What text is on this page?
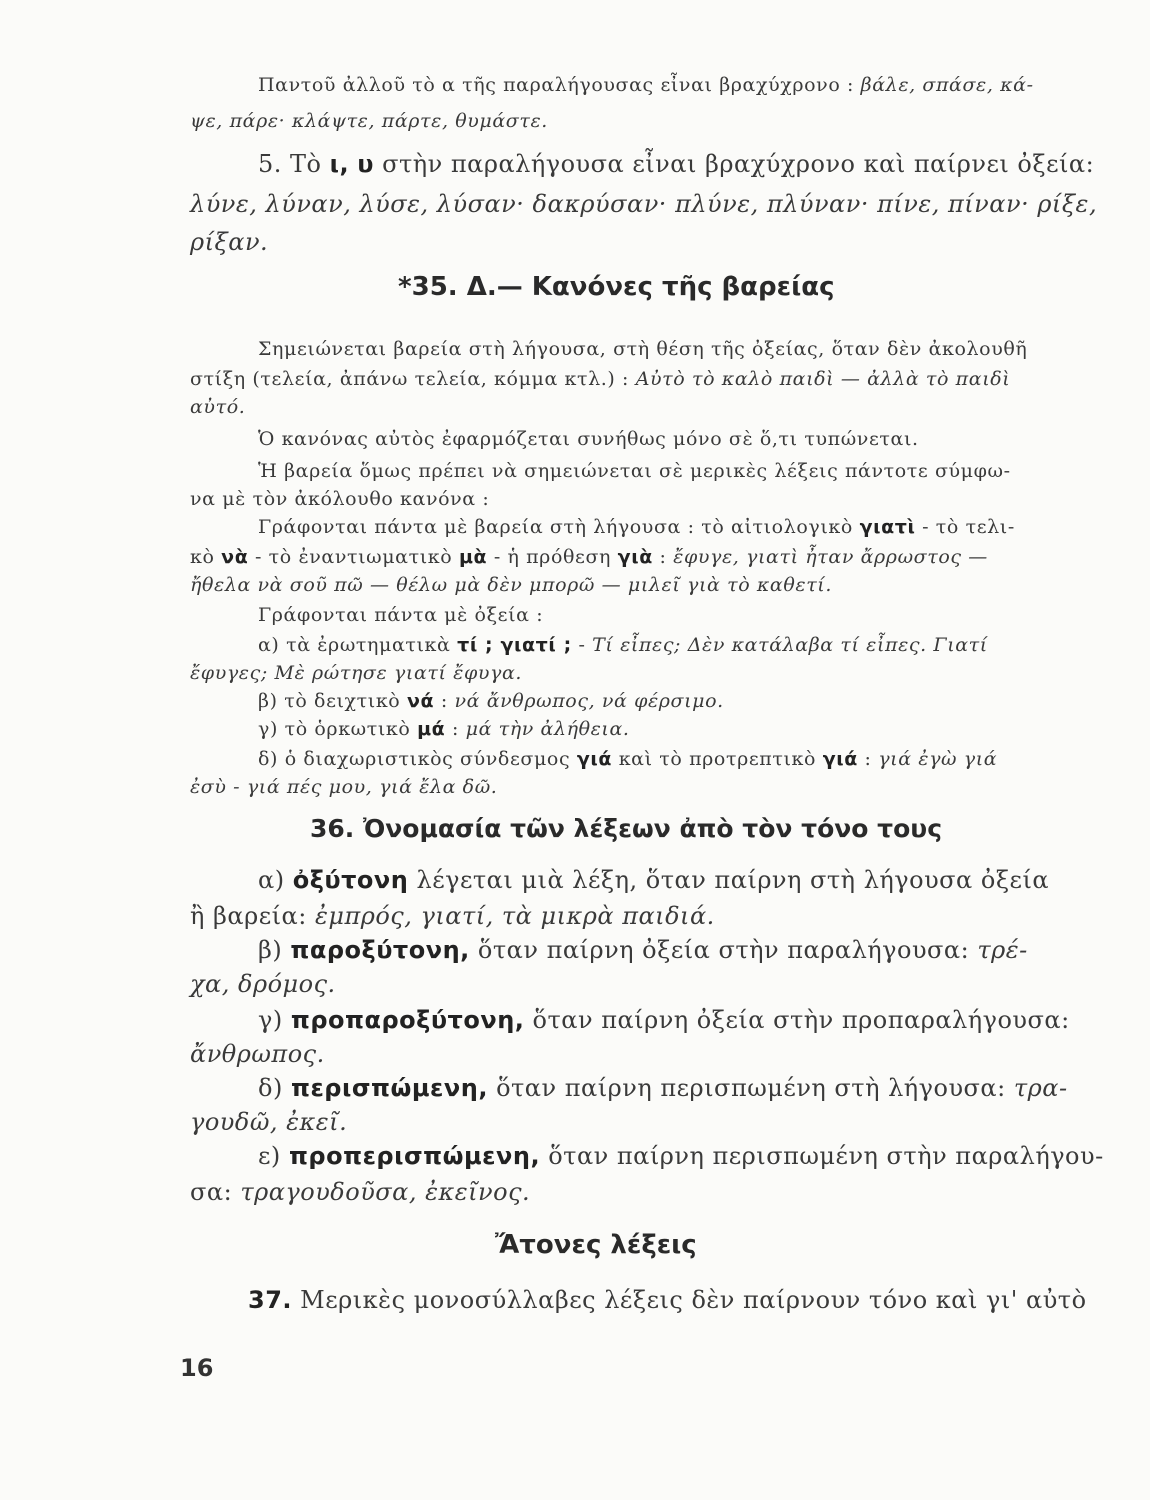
Παντοῦ ἀλλοῦ τὸ α τῆς παραλήγουσας εἶναι βραχύχρονο : βάλε, σπάσε, κά-

ψε, πάρε· κλάψτε, πάρτε, θυμάστε.

5. Τὸ ι, υ στὴν παραλήγουσα εἶναι βραχύχρονο καὶ παίρνει ὀξεία:

λύνε, λύναν, λύσε, λύσαν· δακρύσαν· πλύνε, πλύναν· πίνε, πίναν· ρίξε,

ρίξαν.

*35. Δ.— Κανόνες τῆς βαρείας

Σημειώνεται βαρεία στὴ λήγουσα, στὴ θέση τῆς ὀξείας, ὅταν δὲν ἀκολουθῆ

στίξη (τελεία, ἀπάνω τελεία, κόμμα κτλ.) : Αὐτὸ τὸ καλὸ παιδὶ — ἀλλὰ τὸ παιδὶ

αὐτό.

Ὁ κανόνας αὐτὸς ἐφαρμόζεται συνήθως μόνο σὲ ὅ,τι τυπώνεται.

Ἡ βαρεία ὅμως πρέπει νὰ σημειώνεται σὲ μερικὲς λέξεις πάντοτε σύμφω-

να μὲ τὸν ἀκόλουθο κανόνα :

Γράφονται πάντα μὲ βαρεία στὴ λήγουσα : τὸ αἰτιολογικὸ γιατὶ - τὸ τελι-

κὸ νὰ - τὸ ἐναντιωματικὸ μὰ - ἡ πρόθεση γιὰ : ἔφυγε, γιατὶ ἦταν ἄρρωστος —

ἤθελα νὰ σοῦ πῶ — θέλω μὰ δὲν μπορῶ — μιλεῖ γιὰ τὸ καθετί.

Γράφονται πάντα μὲ ὀξεία :

α) τὰ ἐρωτηματικὰ τί ; γιατί ; - Τί εἶπες; Δὲν κατάλαβα τί εἶπες. Γιατί

ἔφυγες; Μὲ ρώτησε γιατί ἔφυγα.

β) τὸ δειχτικὸ νά : νά ἄνθρωπος, νά φέρσιμο.

γ) τὸ ὁρκωτικὸ μά : μά τὴν ἀλήθεια.

δ) ὁ διαχωριστικὸς σύνδεσμος γιά καὶ τὸ προτρεπτικὸ γιά : γιά ἐγὼ γιά

ἐσὺ - γιά πές μου, γιά ἔλα δῶ.

36. Ὀνομασία τῶν λέξεων ἀπὸ τὸν τόνο τους

α) ὀξύτονη λέγεται μιὰ λέξη, ὅταν παίρνη στὴ λήγουσα ὀξεία

ἢ βαρεία: ἐμπρός, γιατί, τὰ μικρὰ παιδιά.

β) παροξύτονη, ὅταν παίρνη ὀξεία στὴν παραλήγουσα: τρέ-

χα, δρόμος.

γ) προπαροξύτονη, ὅταν παίρνη ὀξεία στὴν προπαραλήγουσα:

ἄνθρωπος.

δ) περισπώμενη, ὅταν παίρνη περισπωμένη στὴ λήγουσα: τρα-

γουδῶ, ἐκεῖ.

ε) προπερισπώμενη, ὅταν παίρνη περισπωμένη στὴν παραλήγου-

σα: τραγουδοῦσα, ἐκεῖνος.

Ἄτονες λέξεις

37. Μερικὲς μονοσύλλαβες λέξεις δὲν παίρνουν τόνο καὶ γι' αὐτὸ

16
